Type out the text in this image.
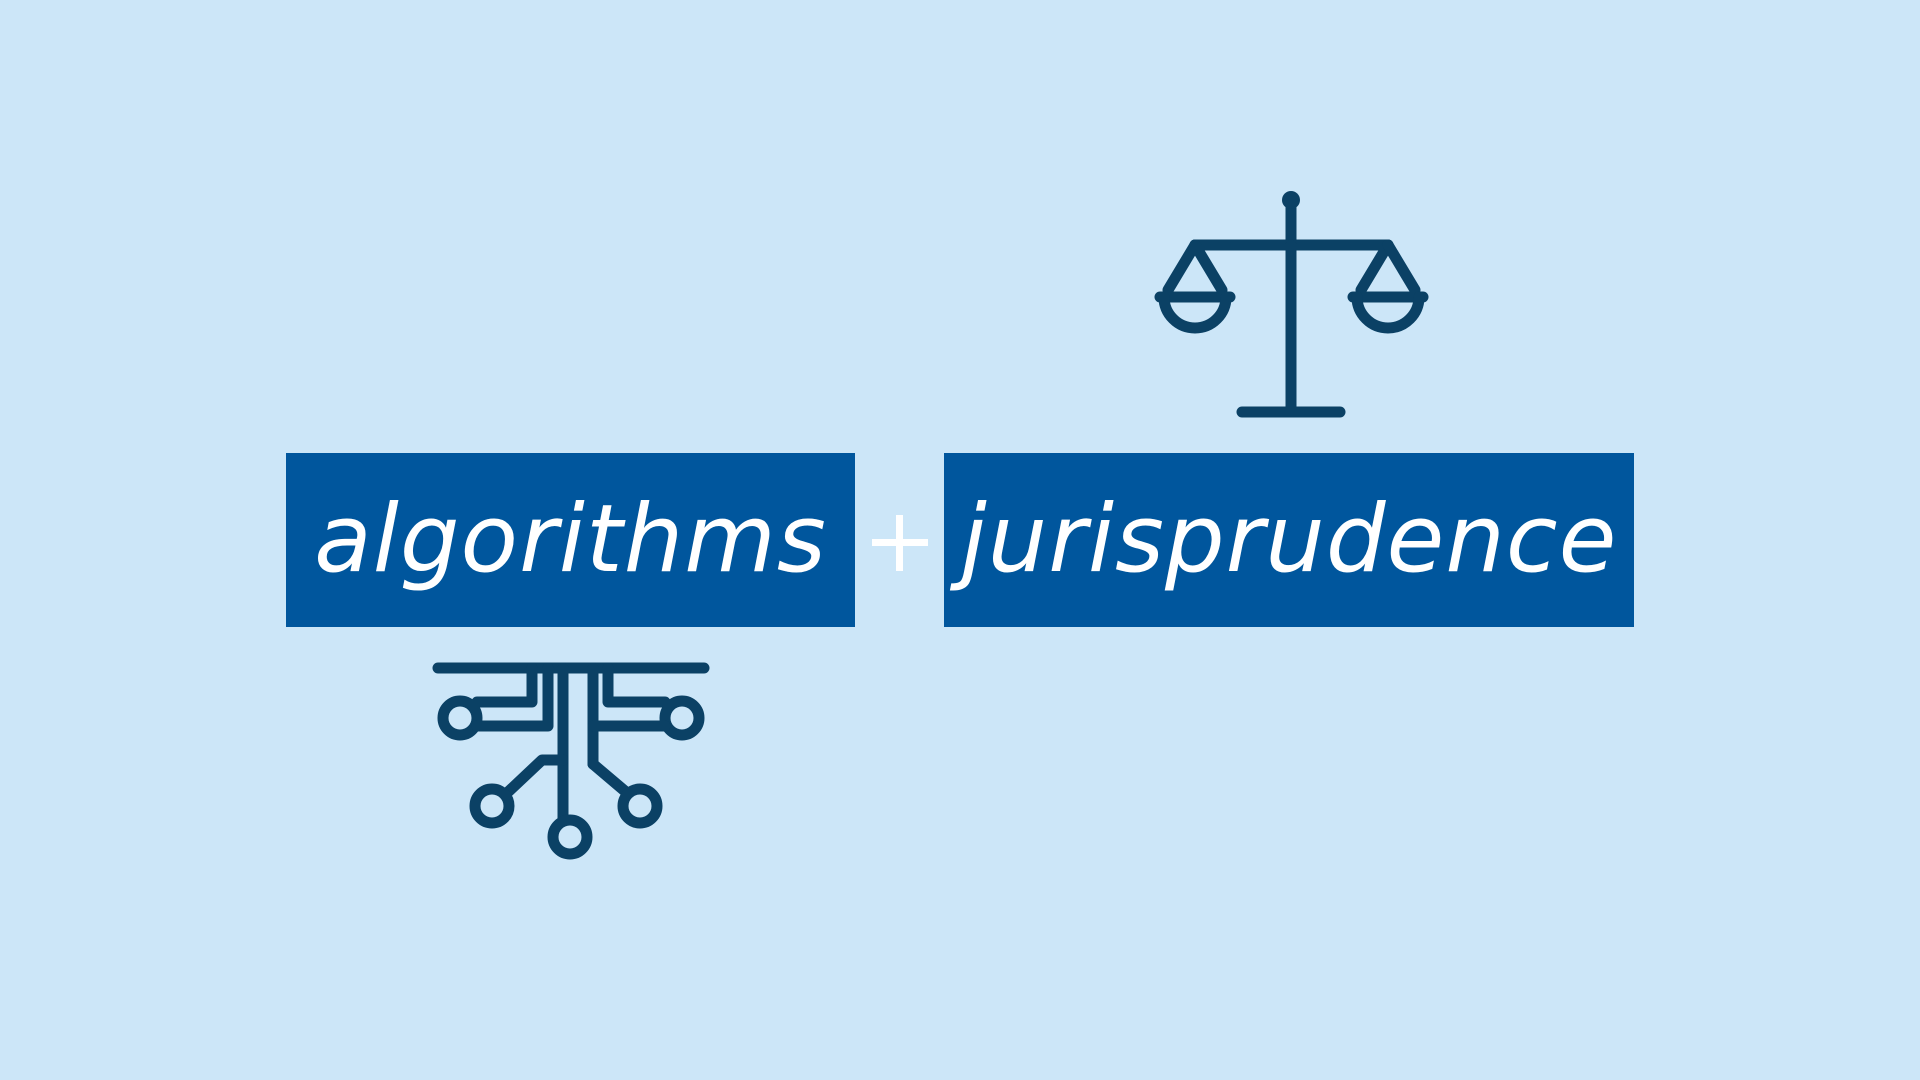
algorithms jurisprudence
